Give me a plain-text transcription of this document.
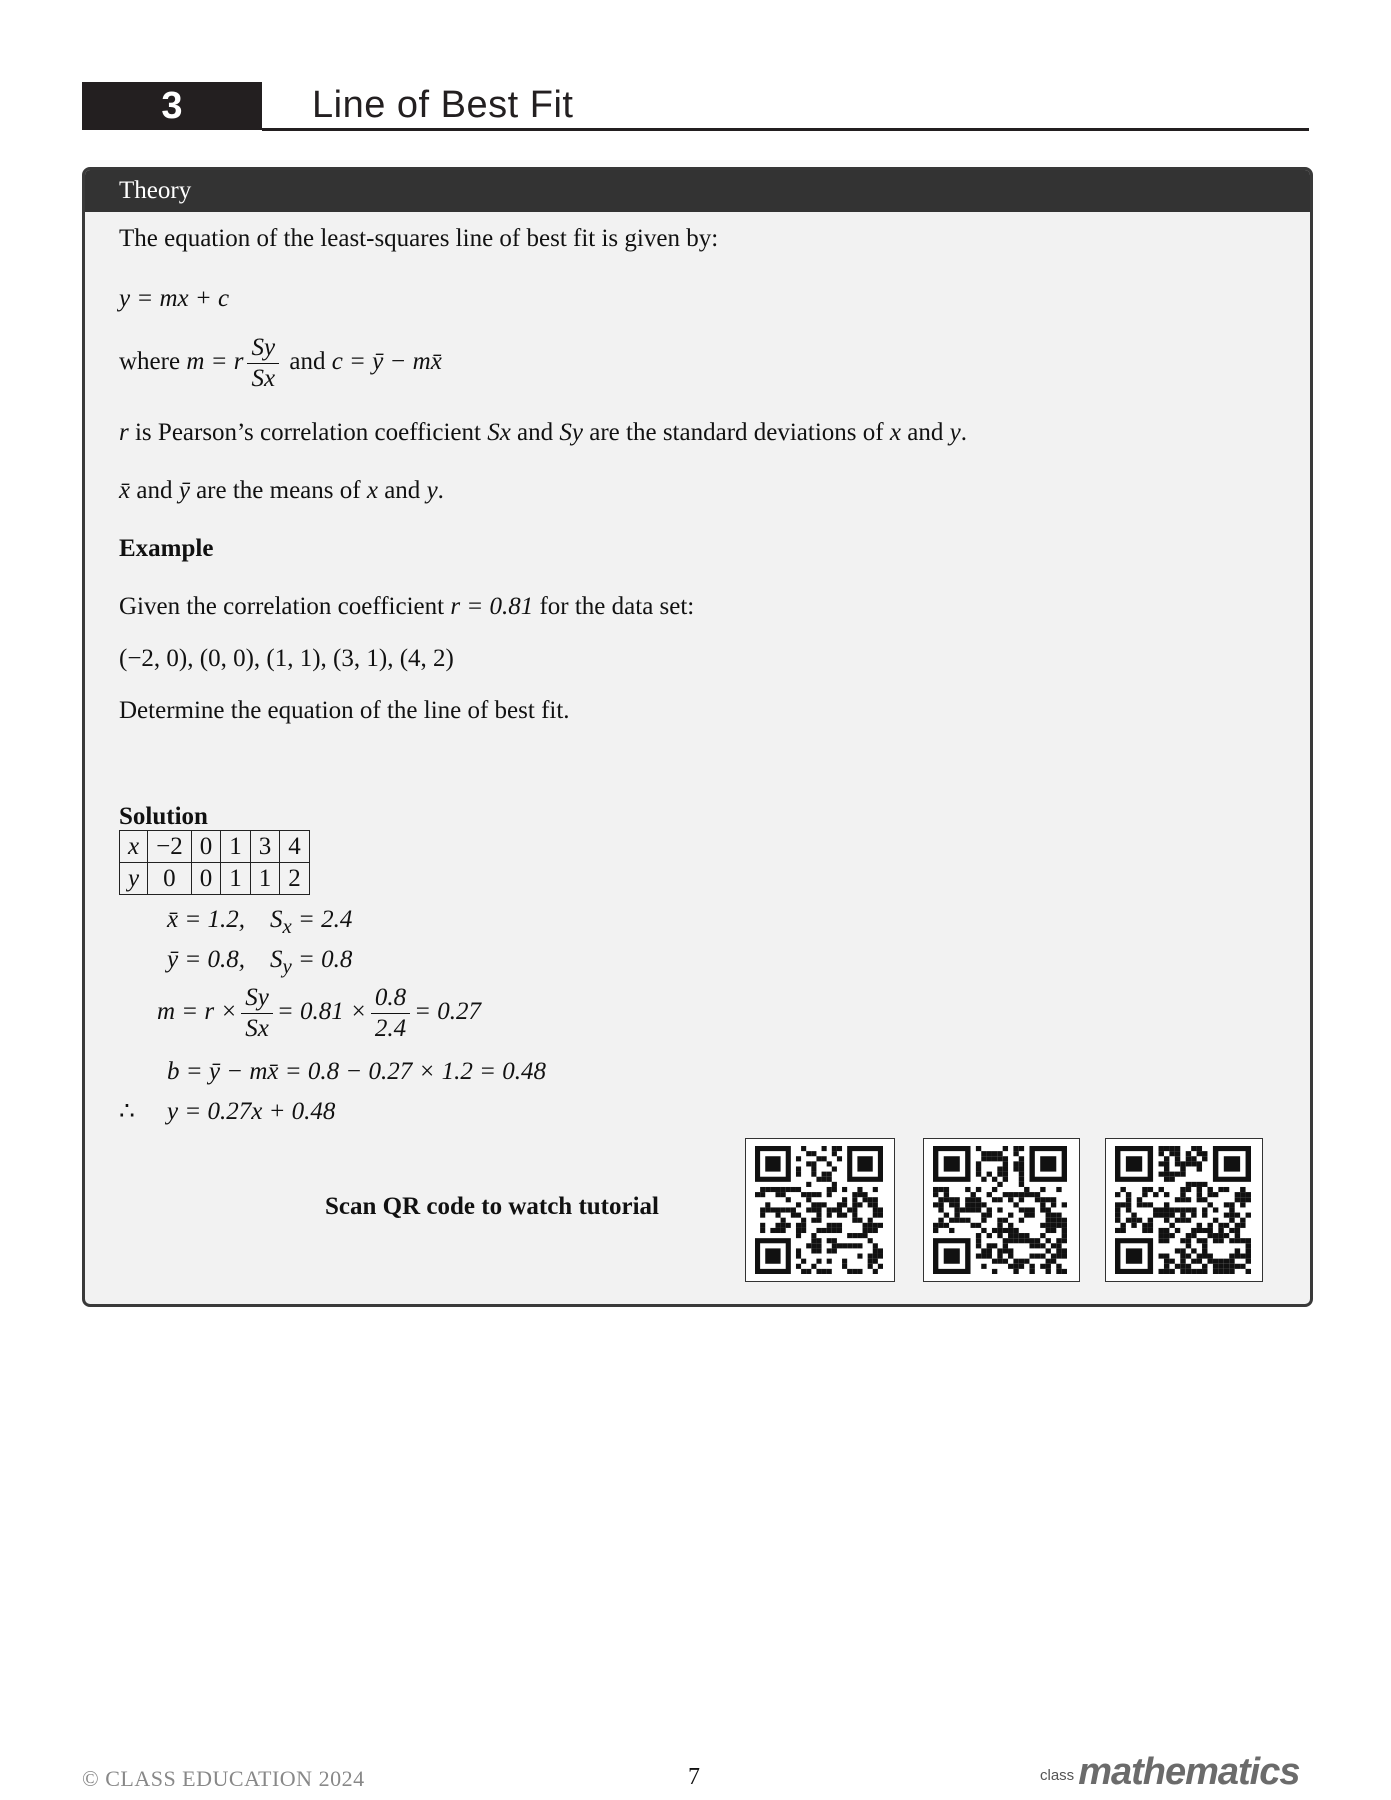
3	Line of Best Fit
Theory
The equation of the least-squares line of best fit is given by:
y = mx + c
where m = r $\frac{Sy}{Sx}$ and c = ȳ − mx̄
r is Pearson’s correlation coefficient Sx and Sy are the standard deviations of x and y.
x̄ and ȳ are the means of x and y.
Example
Given the correlation coefficient r = 0.81 for the data set:
(−2, 0), (0, 0), (1, 1), (3, 1), (4, 2)
Determine the equation of the line of best fit.
Solution
x	−2	0	1	3	4
y	0	0	1	1	2
x̄ = 1.2, $S_x = 2.4$
ȳ = 0.8, $S_y = 0.8$
$m = r \times \frac{Sy}{Sx} = 0.81 \times \frac{0.8}{2.4} = 0.27$
b = ȳ − mx̄ = 0.8 − 0.27 × 1.2 = 0.48
∴ y = 0.27x + 0.48
Scan QR code to watch tutorial
© CLASS EDUCATION 2024	7	class mathematics
